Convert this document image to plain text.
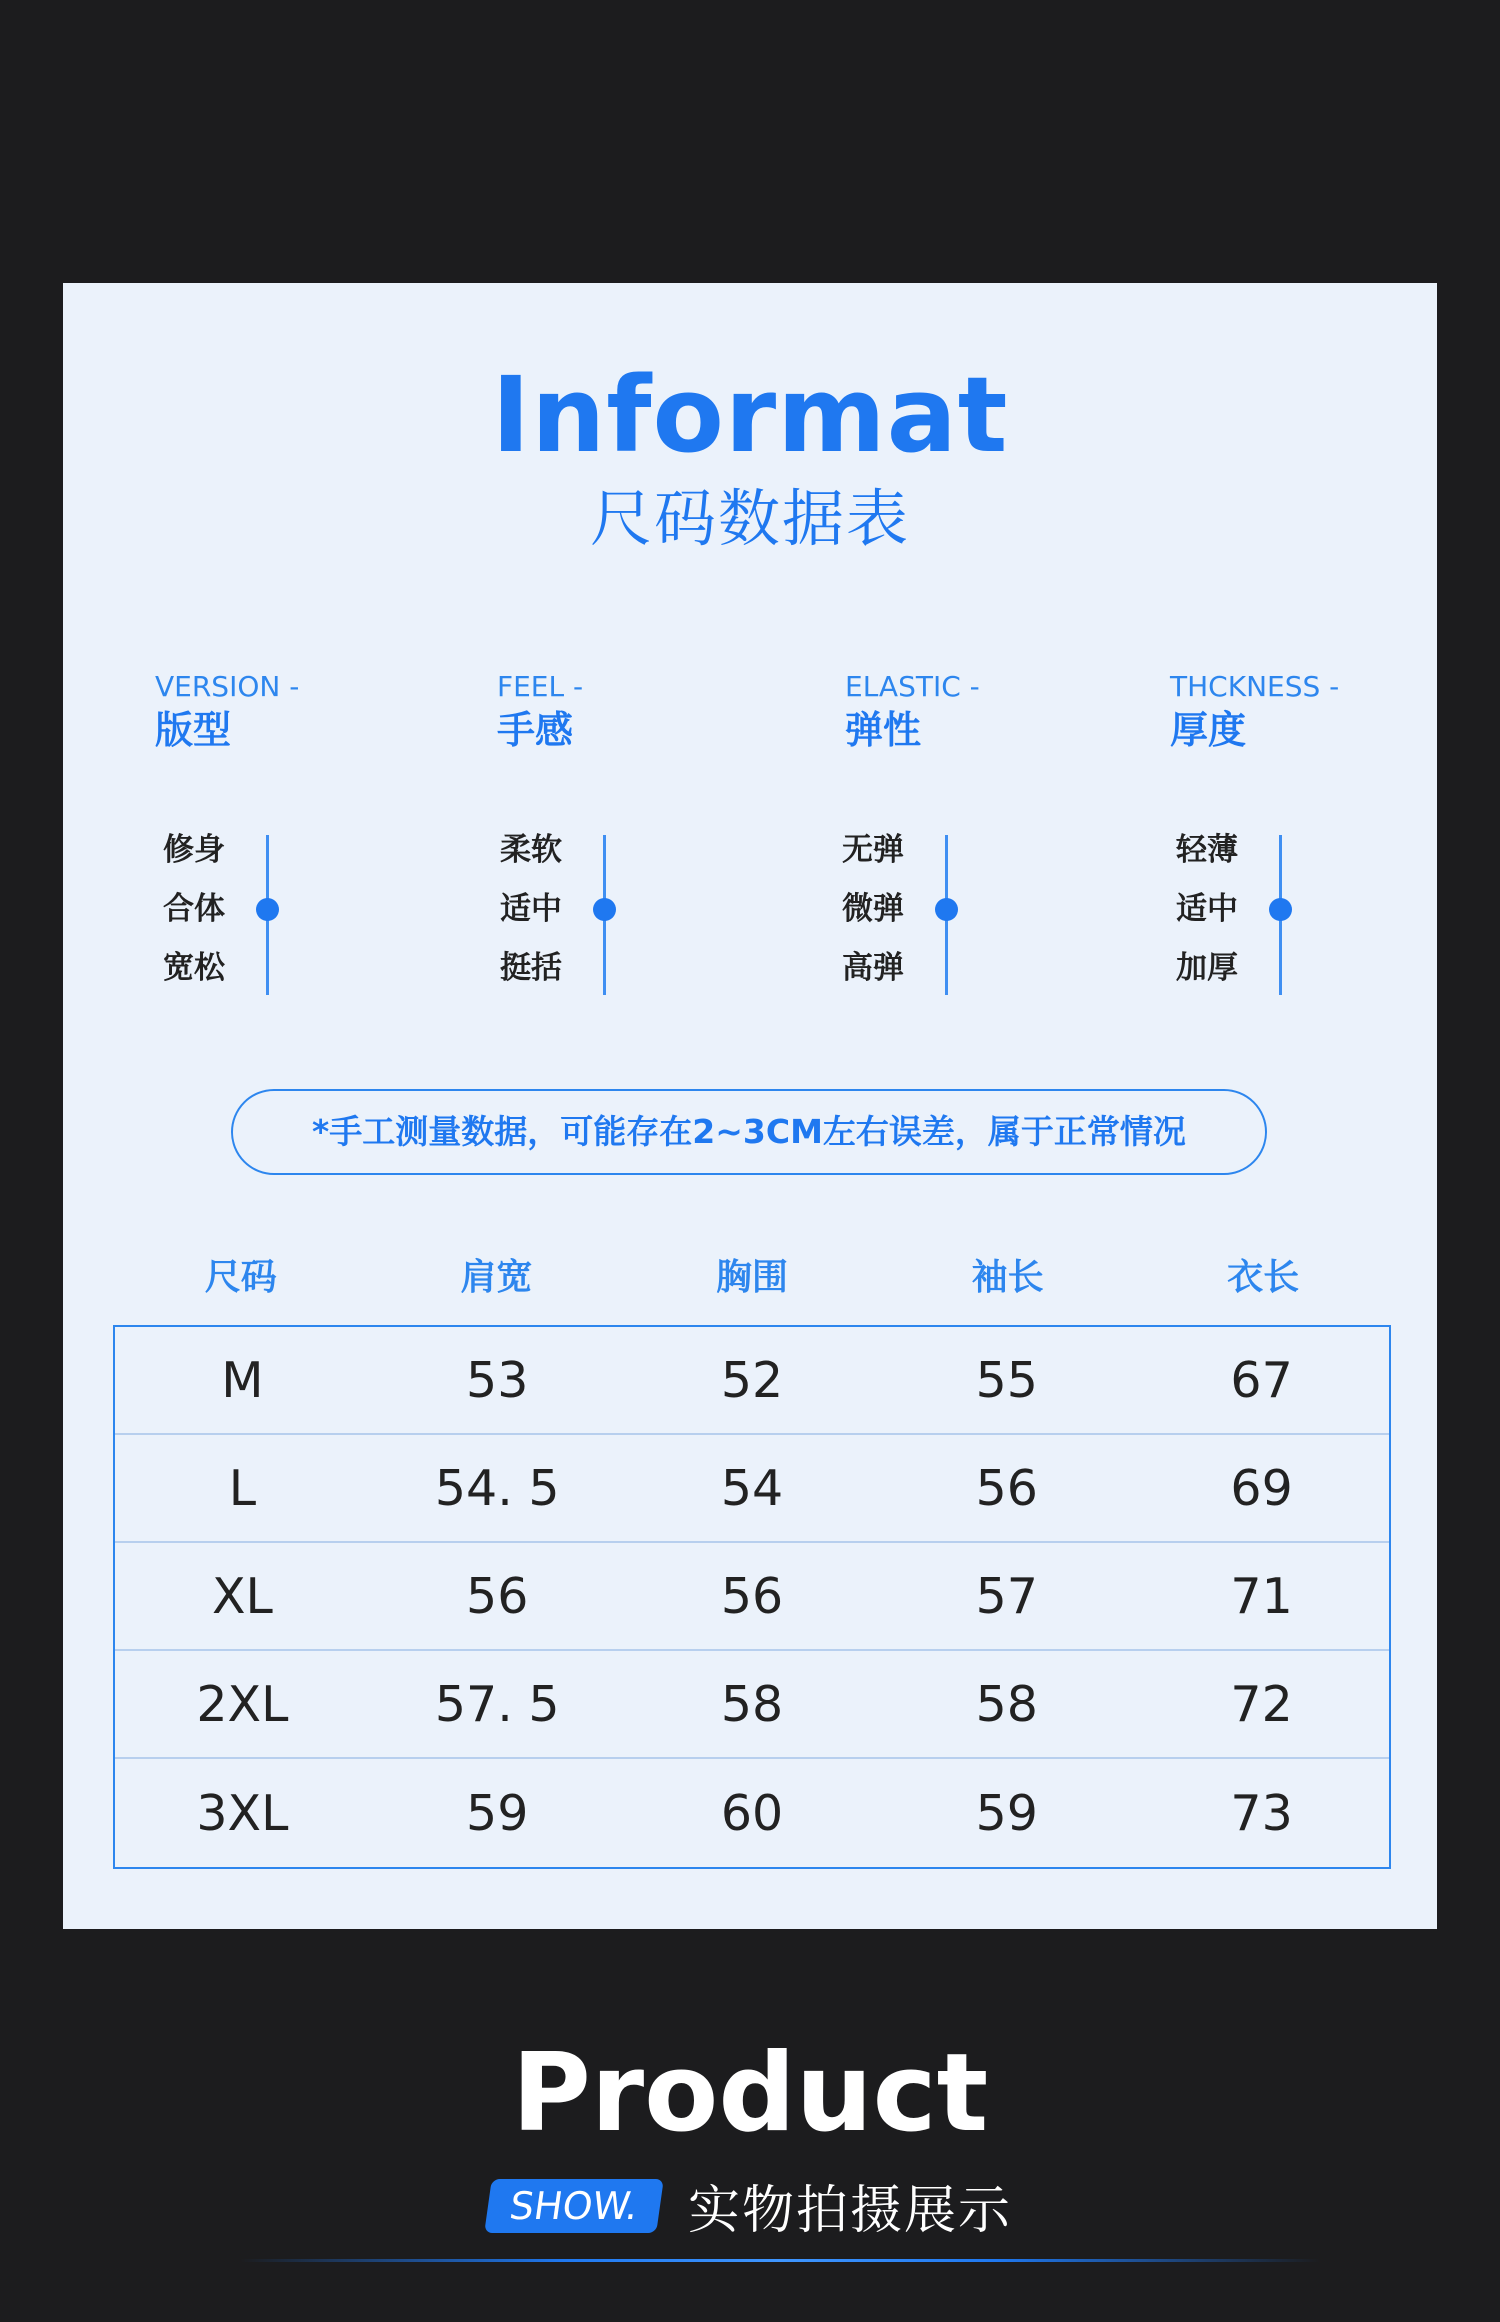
Informat
尺码数据表
VERSION -
版型
修身
合体
宽松
FEEL -
手感
柔软
适中
挺括
ELASTIC -
弹性
无弹
微弹
高弹
THCKNESS -
厚度
轻薄
适中
加厚
*手工测量数据，可能存在2~3CM左右误差，属于正常情况
尺码	肩宽	胸围	袖长	衣长
M	53	52	55	67
L	54. 5	54	56	69
XL	56	56	57	71
2XL	57. 5	58	58	72
3XL	59	60	59	73
Product
SHOW. 实物拍摄展示
